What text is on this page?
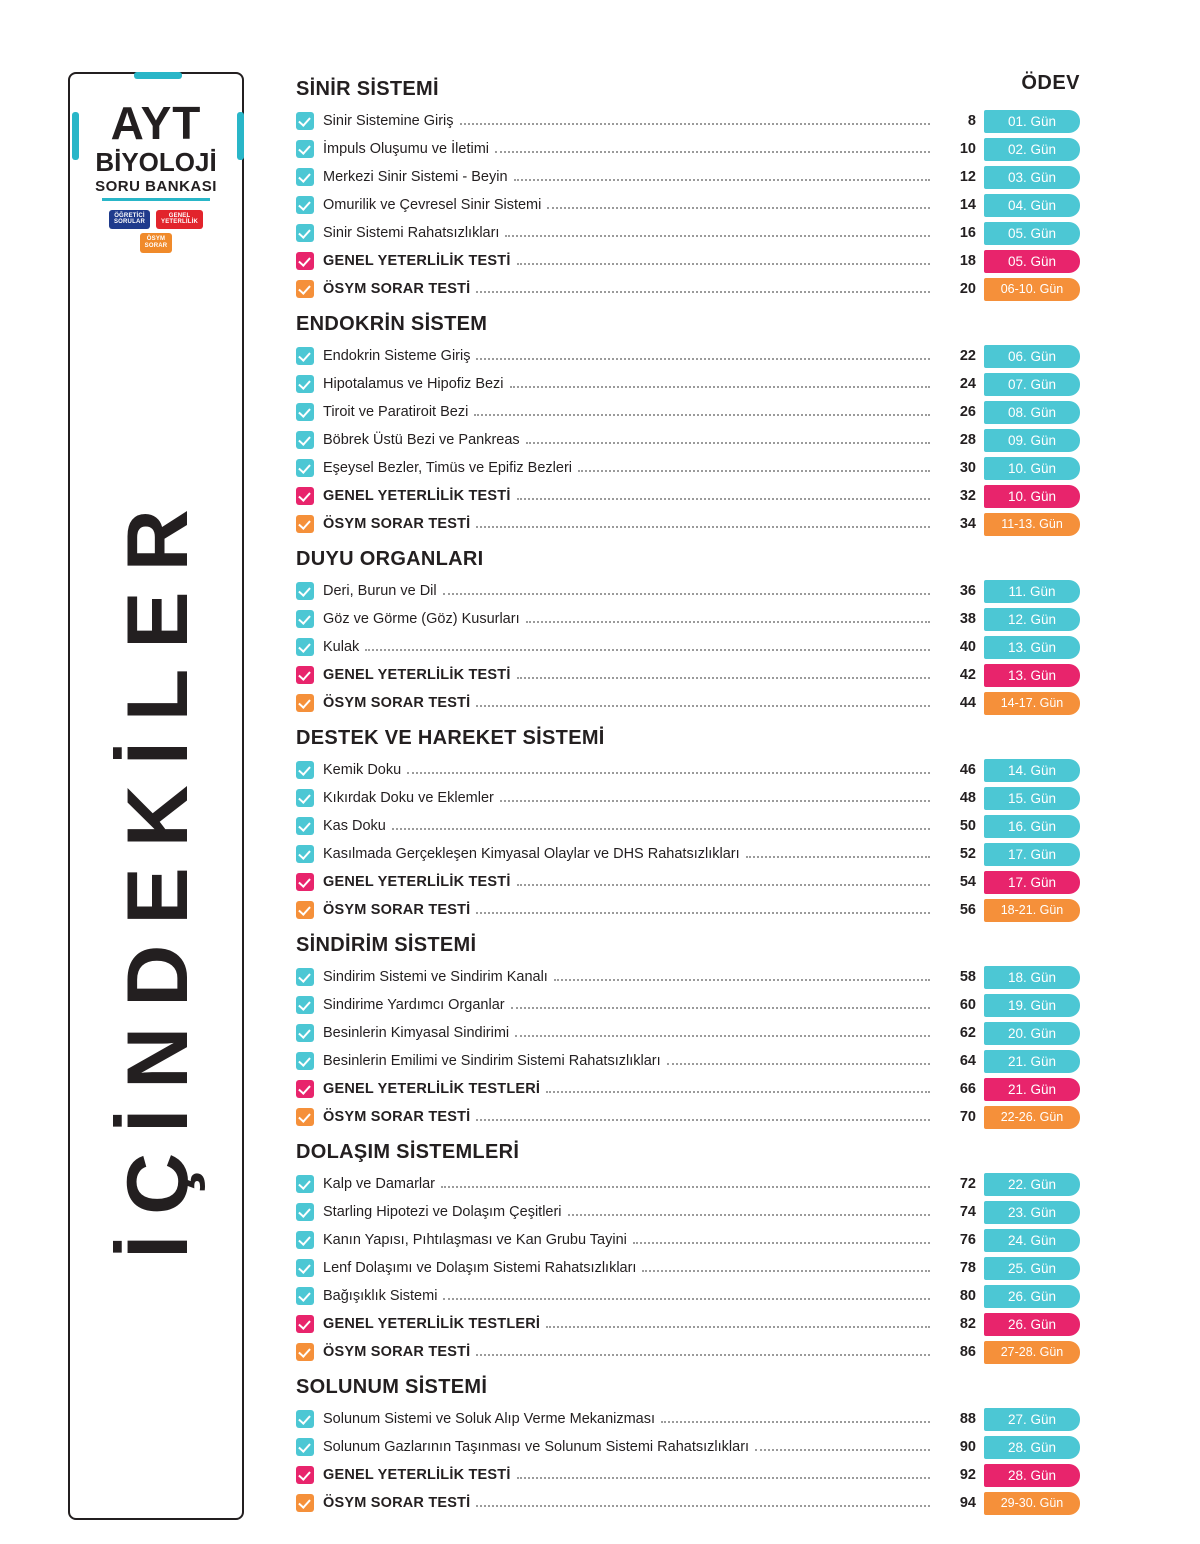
AYT
BİYOLOJİ
SORU BANKASI
ÖĞRETİCİ
SORULAR
GENEL
YETERLİLİK
ÖSYM
SORAR
İÇİNDEKİLER
ÖDEV
SİNİR SİSTEMİ
Sinir Sistemine Giriş	8	01. Gün
İmpuls Oluşumu ve İletimi	10	02. Gün
Merkezi Sinir Sistemi - Beyin	12	03. Gün
Omurilik ve Çevresel Sinir Sistemi	14	04. Gün
Sinir Sistemi Rahatsızlıkları	16	05. Gün
GENEL YETERLİLİK TESTİ	18	05. Gün
ÖSYM SORAR TESTİ	20	06-10. Gün
ENDOKRİN SİSTEM
Endokrin Sisteme Giriş	22	06. Gün
Hipotalamus ve Hipofiz Bezi	24	07. Gün
Tiroit ve Paratiroit Bezi	26	08. Gün
Böbrek Üstü Bezi ve Pankreas	28	09. Gün
Eşeysel Bezler, Timüs ve Epifiz Bezleri	30	10. Gün
GENEL YETERLİLİK TESTİ	32	10. Gün
ÖSYM SORAR TESTİ	34	11-13. Gün
DUYU ORGANLARI
Deri, Burun ve Dil	36	11. Gün
Göz ve Görme (Göz) Kusurları	38	12. Gün
Kulak	40	13. Gün
GENEL YETERLİLİK TESTİ	42	13. Gün
ÖSYM SORAR TESTİ	44	14-17. Gün
DESTEK VE HAREKET SİSTEMİ
Kemik Doku	46	14. Gün
Kıkırdak Doku ve Eklemler	48	15. Gün
Kas Doku	50	16. Gün
Kasılmada Gerçekleşen Kimyasal Olaylar ve DHS Rahatsızlıkları	52	17. Gün
GENEL YETERLİLİK TESTİ	54	17. Gün
ÖSYM SORAR TESTİ	56	18-21. Gün
SİNDİRİM SİSTEMİ
Sindirim Sistemi ve Sindirim Kanalı	58	18. Gün
Sindirime Yardımcı Organlar	60	19. Gün
Besinlerin Kimyasal Sindirimi	62	20. Gün
Besinlerin Emilimi ve Sindirim Sistemi Rahatsızlıkları	64	21. Gün
GENEL YETERLİLİK TESTLERİ	66	21. Gün
ÖSYM SORAR TESTİ	70	22-26. Gün
DOLAŞIM SİSTEMLERİ
Kalp ve Damarlar	72	22. Gün
Starling Hipotezi ve Dolaşım Çeşitleri	74	23. Gün
Kanın Yapısı, Pıhtılaşması ve Kan Grubu Tayini	76	24. Gün
Lenf Dolaşımı ve Dolaşım Sistemi Rahatsızlıkları	78	25. Gün
Bağışıklık Sistemi	80	26. Gün
GENEL YETERLİLİK TESTLERİ	82	26. Gün
ÖSYM SORAR TESTİ	86	27-28. Gün
SOLUNUM SİSTEMİ
Solunum Sistemi ve Soluk Alıp Verme Mekanizması	88	27. Gün
Solunum Gazlarının Taşınması ve Solunum Sistemi Rahatsızlıkları	90	28. Gün
GENEL YETERLİLİK TESTİ	92	28. Gün
ÖSYM SORAR TESTİ	94	29-30. Gün
